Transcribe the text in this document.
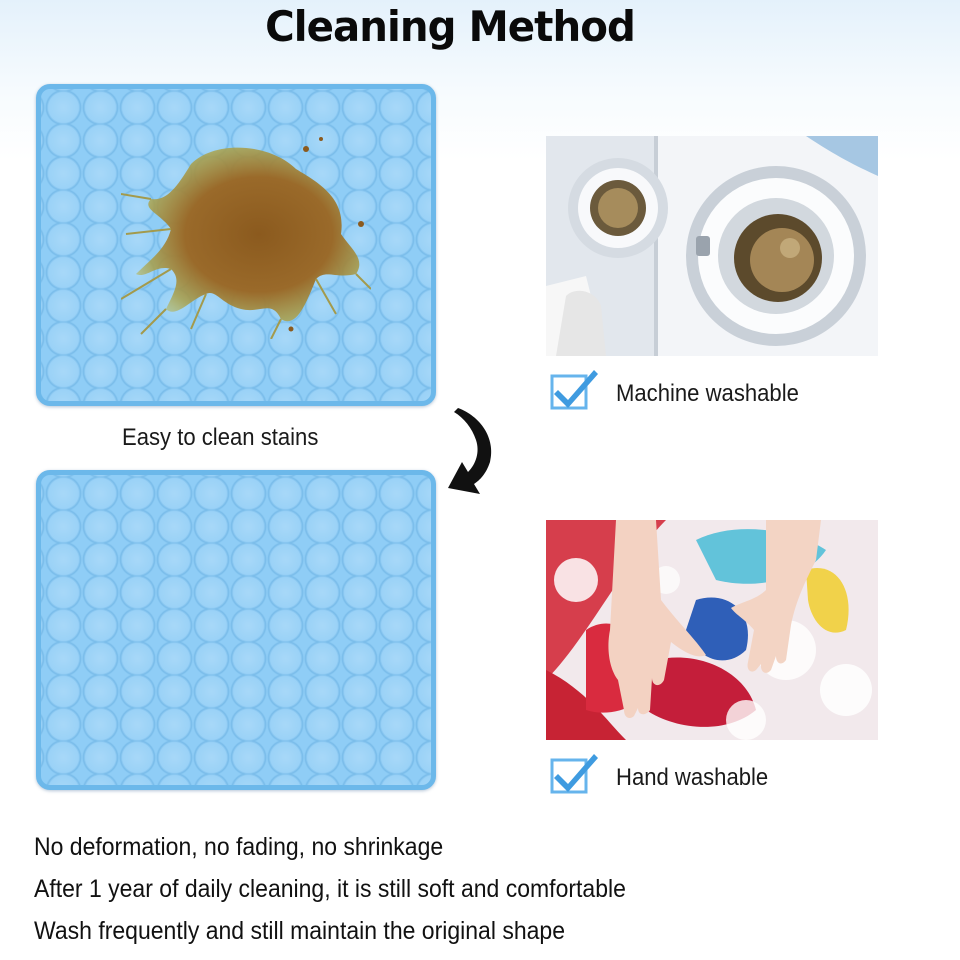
Cleaning Method
Easy to clean stains
Machine washable
Hand washable
No deformation, no fading, no shrinkage
After 1 year of daily cleaning, it is still soft and comfortable
Wash frequently and still maintain the original shape
